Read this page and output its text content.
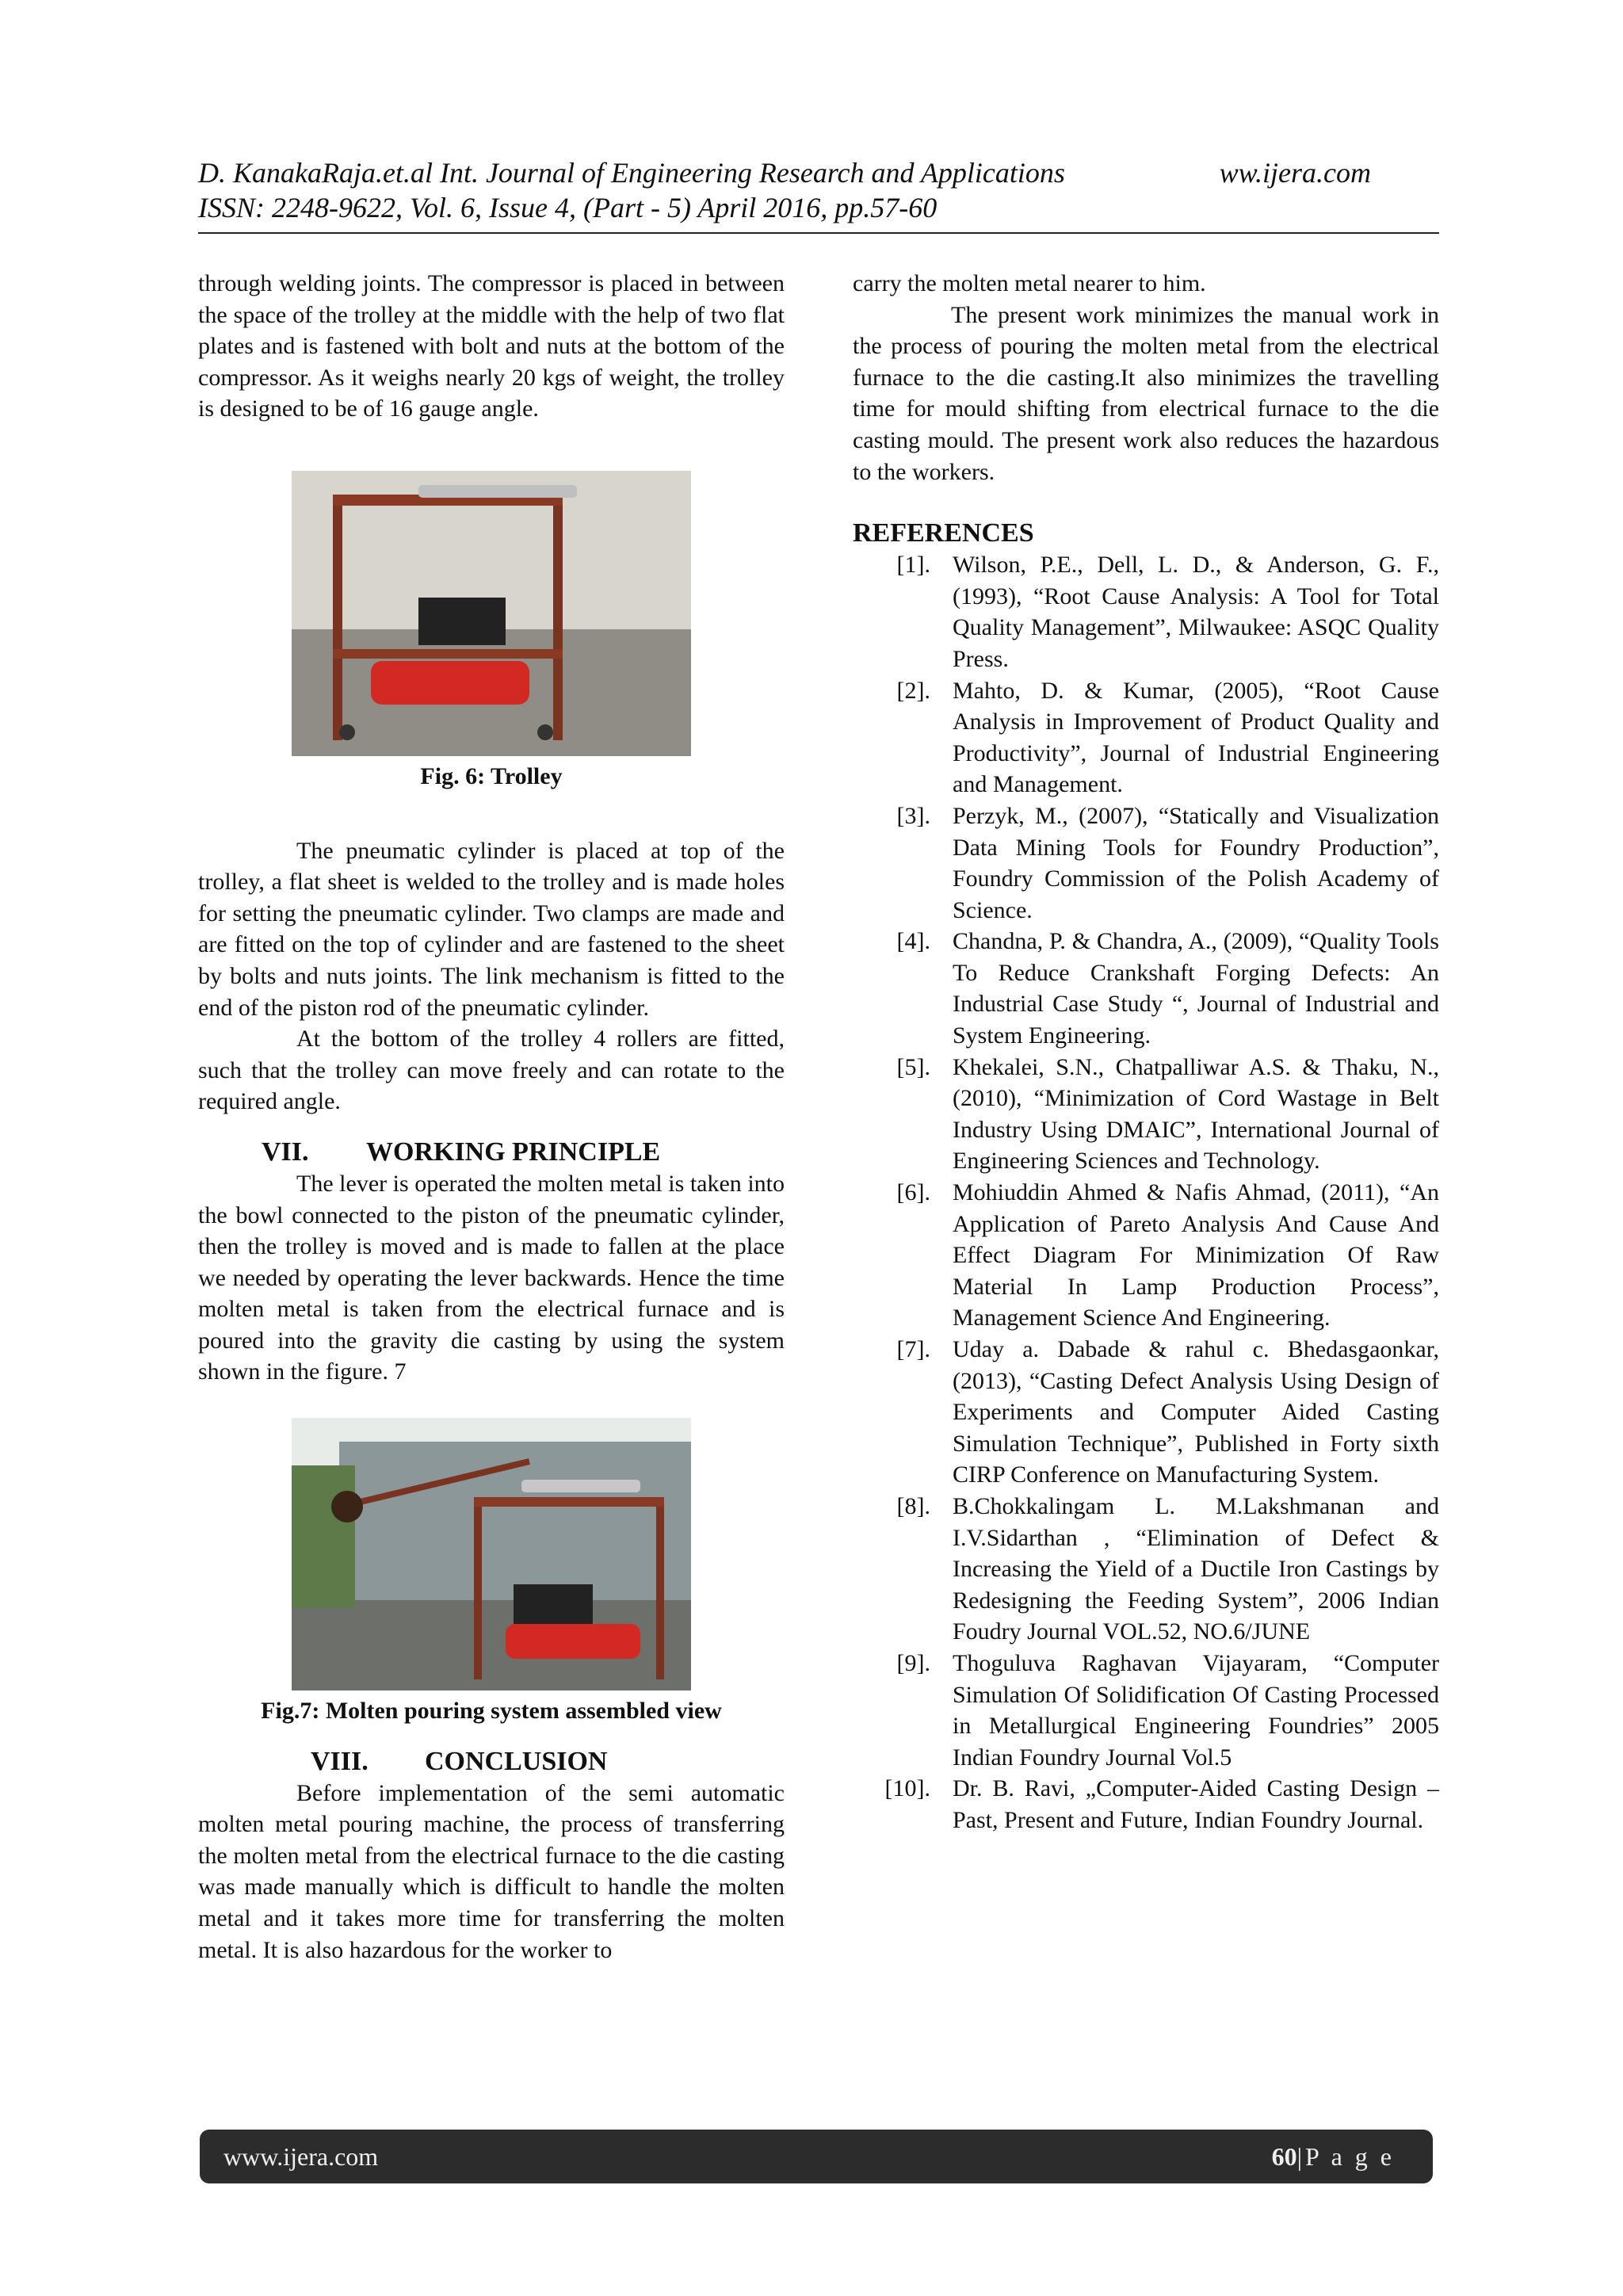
D. KanakaRaja.et.al Int. Journal of Engineering Research and Applications	ww.ijera.com
ISSN: 2248-9622, Vol. 6, Issue 4, (Part - 5) April 2016, pp.57-60

through welding joints. The compressor is placed in between the space of the trolley at the middle with the help of two flat plates and is fastened with bolt and nuts at the bottom of the compressor. As it weighs nearly 20 kgs of weight, the trolley is designed to be of 16 gauge angle.

Fig. 6: Trolley

The pneumatic cylinder is placed at top of the trolley, a flat sheet is welded to the trolley and is made holes for setting the pneumatic cylinder. Two clamps are made and are fitted on the top of cylinder and are fastened to the sheet by bolts and nuts joints. The link mechanism is fitted to the end of the piston rod of the pneumatic cylinder.

At the bottom of the trolley 4 rollers are fitted, such that the trolley can move freely and can rotate to the required angle.

VII.	WORKING PRINCIPLE

The lever is operated the molten metal is taken into the bowl connected to the piston of the pneumatic cylinder, then the trolley is moved and is made to fallen at the place we needed by operating the lever backwards. Hence the time molten metal is taken from the electrical furnace and is poured into the gravity die casting by using the system shown in the figure. 7

Fig.7: Molten pouring system assembled view
VIII.	CONCLUSION

Before implementation of the semi automatic molten metal pouring machine, the process of transferring the molten metal from the electrical furnace to the die casting was made manually which is difficult to handle the molten metal and it takes more time for transferring the molten metal. It is also hazardous for the worker to

carry the molten metal nearer to him.

The present work minimizes the manual work in the process of pouring the molten metal from the electrical furnace to the die casting.It also minimizes the travelling time for mould shifting from electrical furnace to the die casting mould. The present work also reduces the hazardous to the workers.

REFERENCES
[1]. Wilson, P.E., Dell, L. D., & Anderson, G. F., (1993), “Root Cause Analysis: A Tool for Total Quality Management”, Milwaukee: ASQC Quality Press.
[2]. Mahto, D. & Kumar, (2005), “Root Cause Analysis in Improvement of Product Quality and Productivity”, Journal of Industrial Engineering and Management.
[3]. Perzyk, M., (2007), “Statically and Visualization Data Mining Tools for Foundry Production”, Foundry Commission of the Polish Academy of Science.
[4]. Chandna, P. & Chandra, A., (2009), “Quality Tools To Reduce Crankshaft Forging Defects: An Industrial Case Study “, Journal of Industrial and System Engineering.
[5]. Khekalei, S.N., Chatpalliwar A.S. & Thaku, N., (2010), “Minimization of Cord Wastage in Belt Industry Using DMAIC”, International Journal of Engineering Sciences and Technology.
[6]. Mohiuddin Ahmed & Nafis Ahmad, (2011), “An Application of Pareto Analysis And Cause And Effect Diagram For Minimization Of Raw Material In Lamp Production Process”, Management Science And Engineering.
[7]. Uday a. Dabade & rahul c. Bhedasgaonkar, (2013), “Casting Defect Analysis Using Design of Experiments and Computer Aided Casting Simulation Technique”, Published in Forty sixth CIRP Conference on Manufacturing System.
[8]. B.Chokkalingam L. M.Lakshmanan and I.V.Sidarthan , “Elimination of Defect & Increasing the Yield of a Ductile Iron Castings by Redesigning the Feeding System”, 2006 Indian Foudry Journal VOL.52, NO.6/JUNE
[9]. Thoguluva Raghavan Vijayaram, “Computer Simulation Of Solidification Of Casting Processed in Metallurgical Engineering Foundries” 2005 Indian Foundry Journal Vol.5
[10]. Dr. B. Ravi, „Computer-Aided Casting Design –Past, Present and Future, Indian Foundry Journal.
www.ijera.com	60|P a g e
